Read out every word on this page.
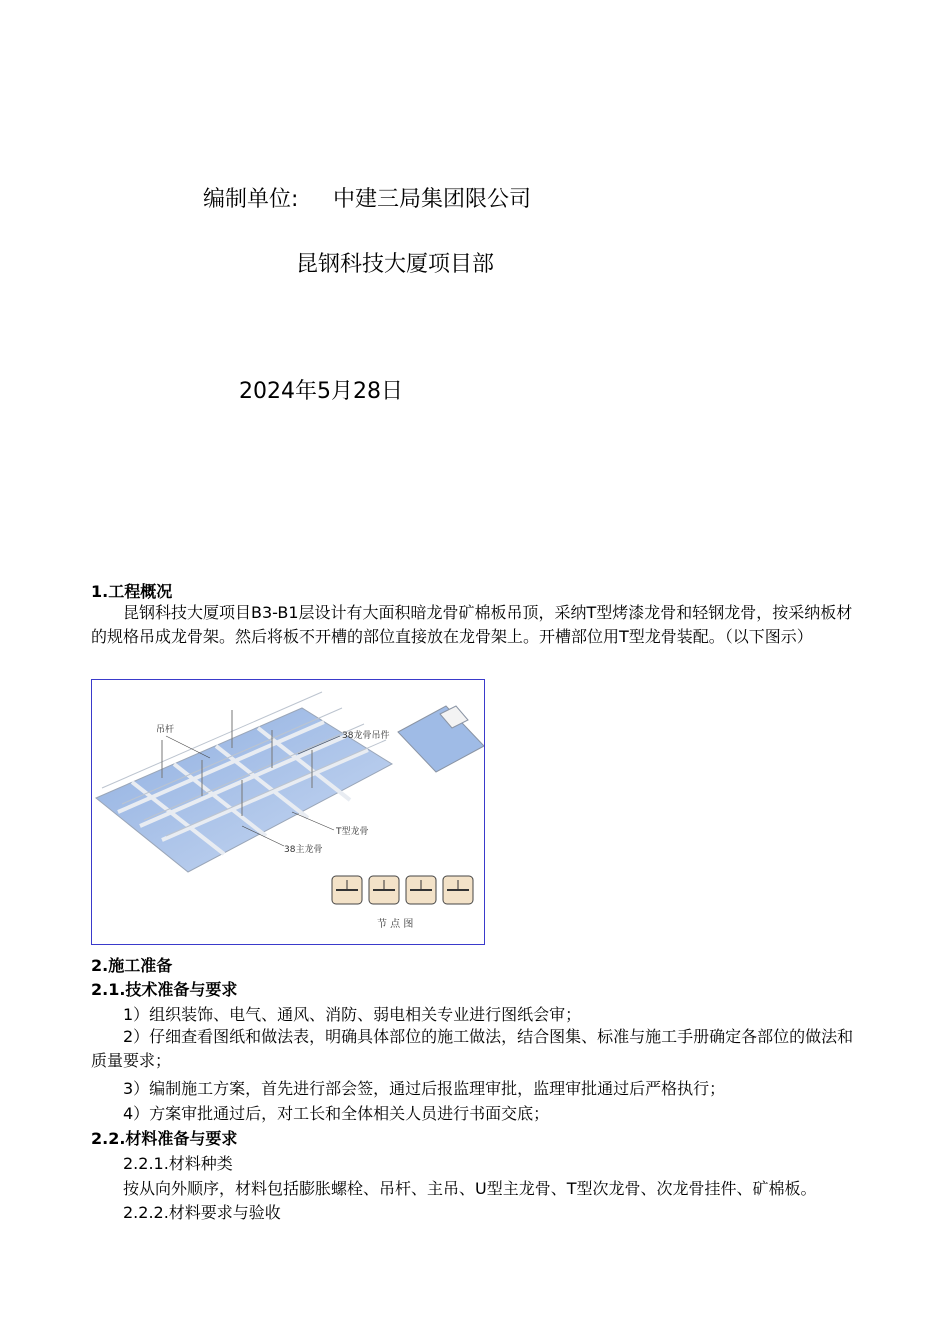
编制单位: 中建三局集团限公司
昆钢科技大厦项目部
2024年5月28日
1.工程概况
昆钢科技大厦项目B3-B1层设计有大面积暗龙骨矿棉板吊顶，采纳T型烤漆龙骨和轻钢龙骨，按采纳板材的规格吊成龙骨架。然后将板不开槽的部位直接放在龙骨架上。开槽部位用T型龙骨装配。（以下图示）
吊杆
38龙骨吊件
T型龙骨
38主龙骨
节 点 图
2.施工准备
2.1.技术准备与要求
1）组织装饰、电气、通风、消防、弱电相关专业进行图纸会审；
2）仔细查看图纸和做法表，明确具体部位的施工做法，结合图集、标准与施工手册确定各部位的做法和质量要求；
3）编制施工方案，首先进行部会签，通过后报监理审批，监理审批通过后严格执行；
4）方案审批通过后，对工长和全体相关人员进行书面交底；
2.2.材料准备与要求
2.2.1.材料种类
按从向外顺序，材料包括膨胀螺栓、吊杆、主吊、U型主龙骨、T型次龙骨、次龙骨挂件、矿棉板。
2.2.2.材料要求与验收
